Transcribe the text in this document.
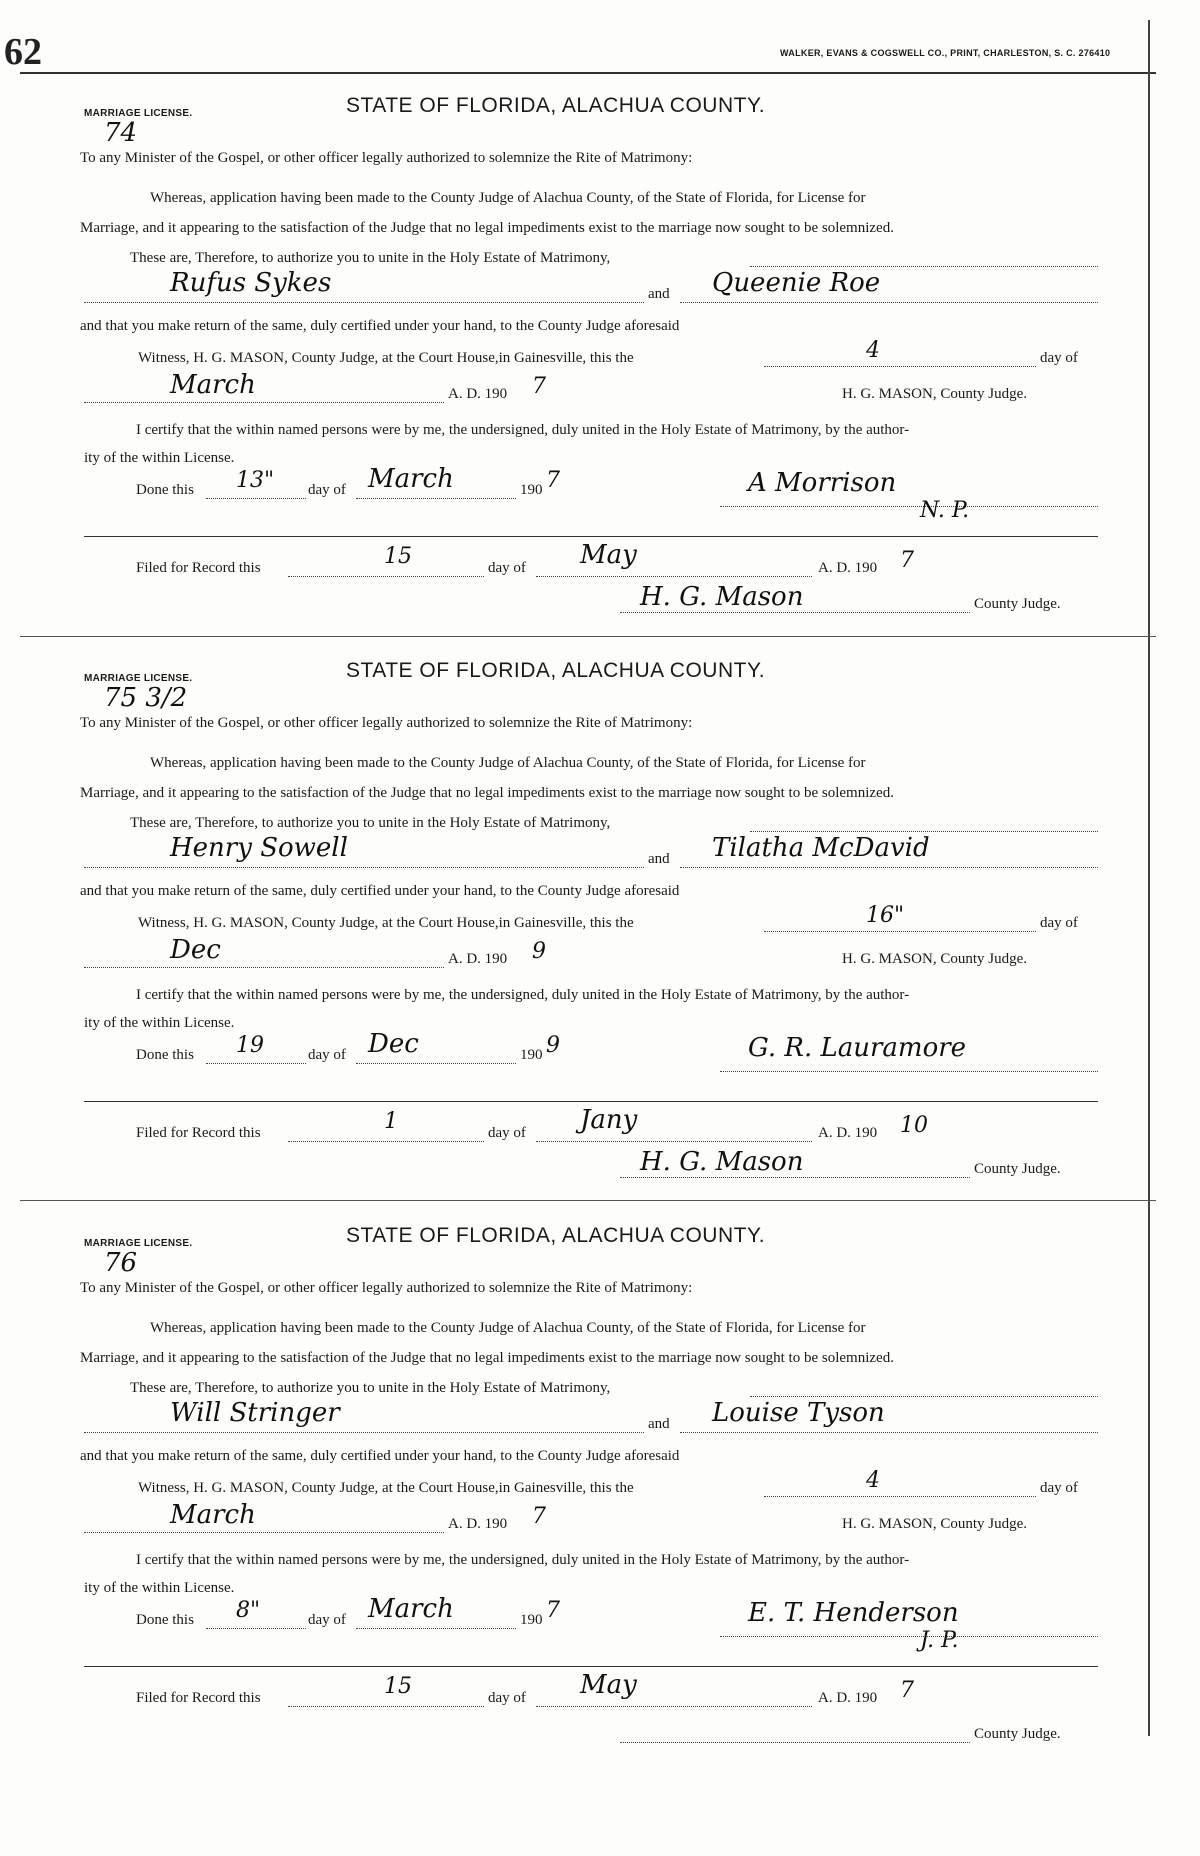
62	WALKER, EVANS & COGSWELL CO., PRINT, CHARLESTON, S. C. 276410
MARRIAGE LICENSE.	STATE OF FLORIDA, ALACHUA COUNTY.
74
To any Minister of the Gospel, or other officer legally authorized to solemnize the Rite of Matrimony:
Whereas, application having been made to the County Judge of Alachua County, of the State of Florida, for License for
Marriage, and it appearing to the satisfaction of the Judge that no legal impediments exist to the marriage now sought to be solemnized.
These are, Therefore, to authorize you to unite in the Holy Estate of Matrimony,
Rufus Sykes	and Queenie Roe
and that you make return of the same, duly certified under your hand, to the County Judge aforesaid
Witness, H. G. MASON, County Judge, at the Court House,in Gainesville, this the	4	day of
March	A. D. 190 7	H. G. MASON, County Judge.
I certify that the within named persons were by me, the undersigned, duly united in the Holy Estate of Matrimony, by the author-
ity of the within License.
Done this 13" day of March	190 7	A Morrison
N. P.
Filed for Record this	15	day of May	A. D. 190 7
H. G. Mason	County Judge.
MARRIAGE LICENSE.	STATE OF FLORIDA, ALACHUA COUNTY.
75 3/2
To any Minister of the Gospel, or other officer legally authorized to solemnize the Rite of Matrimony:
Whereas, application having been made to the County Judge of Alachua County, of the State of Florida, for License for
Marriage, and it appearing to the satisfaction of the Judge that no legal impediments exist to the marriage now sought to be solemnized.
These are, Therefore, to authorize you to unite in the Holy Estate of Matrimony,
Henry Sowell	and Tilatha McDavid
and that you make return of the same, duly certified under your hand, to the County Judge aforesaid
Witness, H. G. MASON, County Judge, at the Court House,in Gainesville, this the	16"	day of
Dec	A. D. 190 9	H. G. MASON, County Judge.
I certify that the within named persons were by me, the undersigned, duly united in the Holy Estate of Matrimony, by the author-
ity of the within License.
Done this 19	day of Dec	190 9	G. R. Lauramore
Filed for Record this	1	day of Jany	A. D. 190 10
H. G. Mason	County Judge.
MARRIAGE LICENSE.	STATE OF FLORIDA, ALACHUA COUNTY.
76
To any Minister of the Gospel, or other officer legally authorized to solemnize the Rite of Matrimony:
Whereas, application having been made to the County Judge of Alachua County, of the State of Florida, for License for
Marriage, and it appearing to the satisfaction of the Judge that no legal impediments exist to the marriage now sought to be solemnized.
These are, Therefore, to authorize you to unite in the Holy Estate of Matrimony,
Will Stringer	and Louise Tyson
and that you make return of the same, duly certified under your hand, to the County Judge aforesaid
Witness, H. G. MASON, County Judge, at the Court House,in Gainesville, this the	4	day of
March	A. D. 190 7	H. G. MASON, County Judge.
I certify that the within named persons were by me, the undersigned, duly united in the Holy Estate of Matrimony, by the author-
ity of the within License.
Done this 8"	day of March	190 7	E. T. Henderson
J. P.
Filed for Record this	15	day of May	A. D. 190 7
County Judge.
